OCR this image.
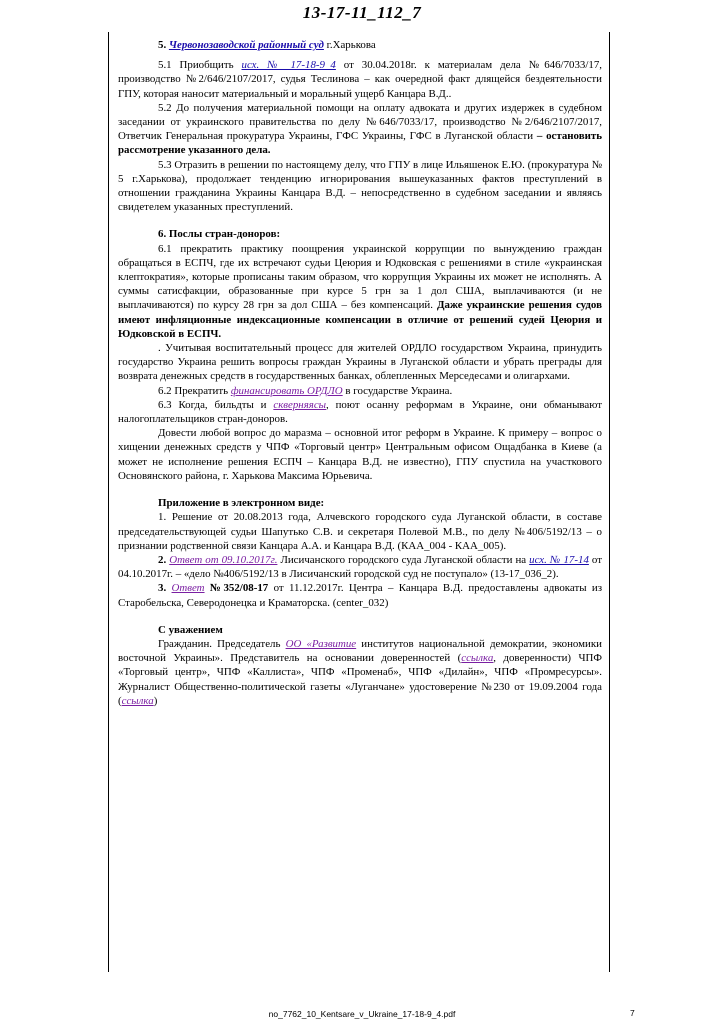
13-17-11_112_7

5. Червонозаводской районный суд г.Харькова

5.1 Приобщить исх. № 17-18-9_4 от 30.04.2018г. к материалам дела №646/7033/17, производство №2/646/2107/2017, судья Теслинова – как очередной факт длящейся бездеятельности ГПУ, которая наносит материальный и моральный ущерб Канцара В.Д..

5.2 До получения материальной помощи на оплату адвоката и других издержек в судебном заседании от украинского правительства по делу №646/7033/17, производство №2/646/2107/2017, Ответчик Генеральная прокуратура Украины, ГФС Украины, ГФС в Луганской области – остановить рассмотрение указанного дела.

5.3 Отразить в решении по настоящему делу, что ГПУ в лице Ильяшенок Е.Ю. (прокуратура № 5 г.Харькова), продолжает тенденцию игнорирования вышеуказанных фактов преступлений в отношении гражданина Украины Канцара В.Д. – непосредственно в судебном заседании и являясь свидетелем указанных преступлений.

6. Послы стран-доноров:

6.1 прекратить практику поощрения украинской коррупции по вынуждению граждан обращаться в ЕСПЧ, где их встречают судьи Цеюрия и Юдковская с решениями в стиле «украинская клептократия», которые прописаны таким образом, что коррупция Украины их может не исполнять. А суммы сатисфакции, образованные при курсе 5 грн за 1 дол США, выплачиваются (и не выплачиваются) по курсу 28 грн за дол США – без компенсаций. Даже украинские решения судов имеют инфляционные индексационные компенсации в отличие от решений судей Цеюрия и Юдковской в ЕСПЧ.

. Учитывая воспитательный процесс для жителей ОРДЛО государством Украина, принудить государство Украина решить вопросы граждан Украины в Луганской области и убрать преграды для возврата денежных средств в государственных банках, облепленных Мерседесами и олигархами.

6.2 Прекратить финансировать ОРДЛО в государстве Украина.

6.3 Когда, бильдты и скверняясы, поют осанну реформам в Украине, они обманывают налогоплательщиков стран-доноров.

Довести любой вопрос до маразма – основной итог реформ в Украине. К примеру – вопрос о хищении денежных средств у ЧПФ «Торговый центр» Центральным офисом Ощадбанка в Киеве (а может не исполнение решения ЕСПЧ – Канцара В.Д. не известно), ГПУ спустила на участкового Основянского района, г. Харькова Максима Юрьевича.

Приложение в электронном виде:

1. Решение от 20.08.2013 года, Алчевского городского суда Луганской области, в составе председательствующей судьи Шапутько С.В. и секретаря Полевой М.В., по делу №406/5192/13 – о признании родственной связи Канцара А.А. и Канцара В.Д. (КАА_004 - КАА_005).

2. Ответ от 09.10.2017г. Лисичанского городского суда Луганской области на исх. № 17-14 от 04.10.2017г. – «дело №406/5192/13 в Лисичанский городской суд не поступало» (13-17_036_2).

3. Ответ №352/08-17 от 11.12.2017г. Центра – Канцара В.Д. предоставлены адвокаты из Старобельска, Северодонецка и Краматорска. (center_032)

С уважением

Гражданин. Председатель ОО «Развитие институтов национальной демократии, экономики восточной Украины». Представитель на основании доверенностей (ссылка, доверенности) ЧПФ «Торговый центр», ЧПФ «Каллиста», ЧПФ «Променаб», ЧПФ «Дилайн», ЧПФ «Промресурсы». Журналист Общественно-политической газеты «Луганчане» удостоверение №230 от 19.09.2004 года (ссылка)

no_7762_10_Kentsare_v_Ukraine_17-18-9_4.pdf	7
